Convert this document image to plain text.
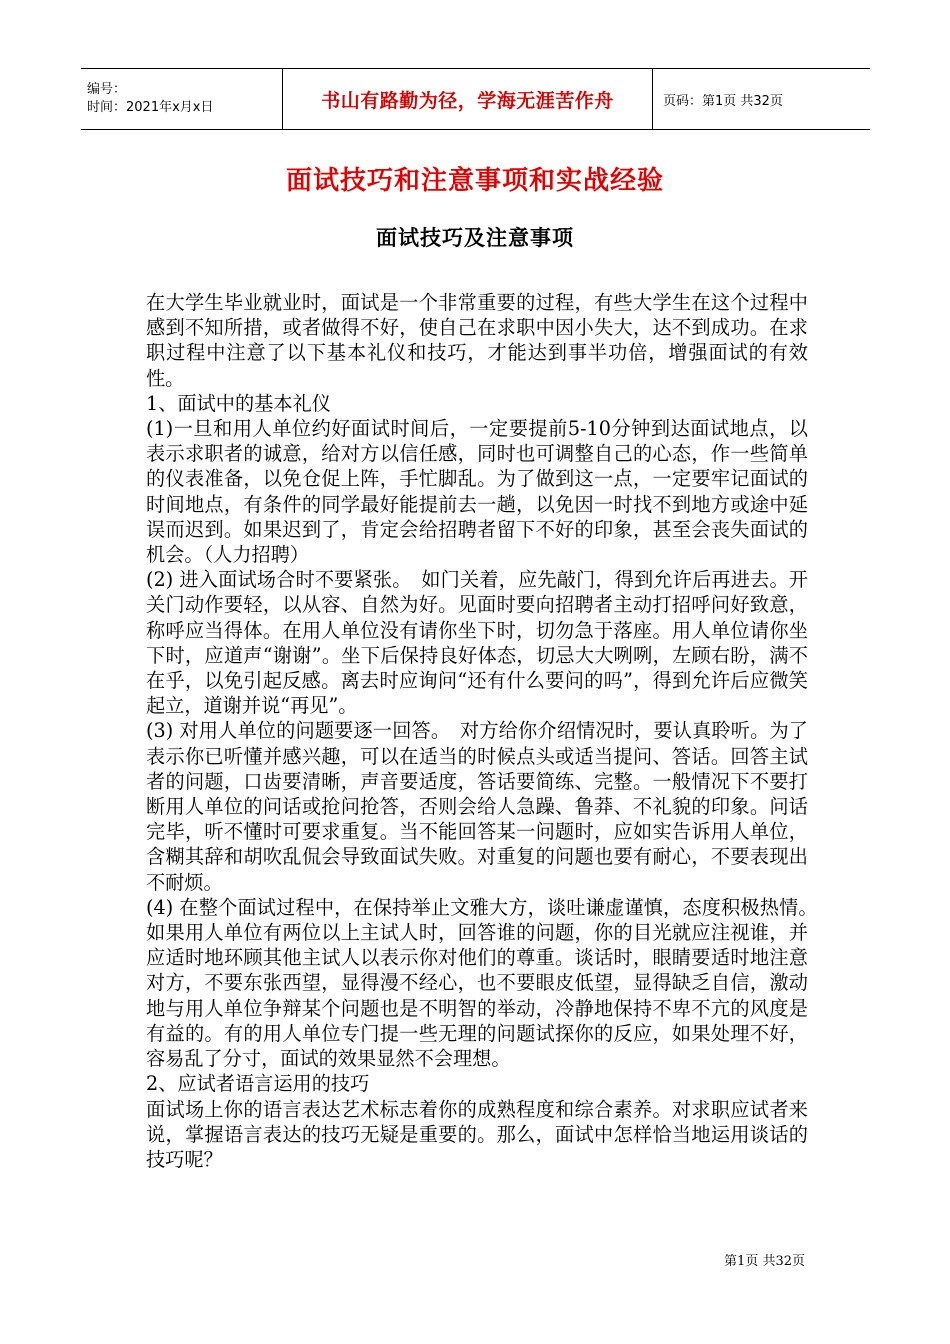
编号：
时间：2021年x月x日	书山有路勤为径，学海无涯苦作舟	页码：第1页 共32页
面试技巧和注意事项和实战经验
面试技巧及注意事项

在大学生毕业就业时，面试是一个非常重要的过程，有些大学生在这个过程中感到不知所措，或者做得不好，使自己在求职中因小失大，达不到成功。在求职过程中注意了以下基本礼仪和技巧，才能达到事半功倍，增强面试的有效性。

1、面试中的基本礼仪

(1)一旦和用人单位约好面试时间后，一定要提前5-10分钟到达面试地点，以表示求职者的诚意，给对方以信任感，同时也可调整自己的心态，作一些简单的仪表准备，以免仓促上阵，手忙脚乱。为了做到这一点，一定要牢记面试的时间地点，有条件的同学最好能提前去一趟，以免因一时找不到地方或途中延误而迟到。如果迟到了，肯定会给招聘者留下不好的印象，甚至会丧失面试的机会。（人力招聘）

(2) 进入面试场合时不要紧张。　如门关着，应先敲门，得到允许后再进去。开关门动作要轻，以从容、自然为好。见面时要向招聘者主动打招呼问好致意，称呼应当得体。在用人单位没有请你坐下时，切勿急于落座。用人单位请你坐下时，应道声“谢谢”。坐下后保持良好体态，切忌大大咧咧，左顾右盼，满不在乎，以免引起反感。离去时应询问“还有什么要问的吗”，得到允许后应微笑起立，道谢并说“再见”。

(3) 对用人单位的问题要逐一回答。　对方给你介绍情况时，要认真聆听。为了表示你已听懂并感兴趣，可以在适当的时候点头或适当提问、答话。回答主试者的问题，口齿要清晰，声音要适度，答话要简练、完整。一般情况下不要打断用人单位的问话或抢问抢答，否则会给人急躁、鲁莽、不礼貌的印象。问话完毕，听不懂时可要求重复。当不能回答某一问题时，应如实告诉用人单位，含糊其辞和胡吹乱侃会导致面试失败。对重复的问题也要有耐心，不要表现出不耐烦。

(4) 在整个面试过程中，在保持举止文雅大方，谈吐谦虚谨慎，态度积极热情。　如果用人单位有两位以上主试人时，回答谁的问题，你的目光就应注视谁，并应适时地环顾其他主试人以表示你对他们的尊重。谈话时，眼睛要适时地注意对方，不要东张西望，显得漫不经心，也不要眼皮低望，显得缺乏自信，激动地与用人单位争辩某个问题也是不明智的举动，冷静地保持不卑不亢的风度是有益的。有的用人单位专门提一些无理的问题试探你的反应，如果处理不好，容易乱了分寸，面试的效果显然不会理想。

2、应试者语言运用的技巧

面试场上你的语言表达艺术标志着你的成熟程度和综合素养。对求职应试者来说，掌握语言表达的技巧无疑是重要的。那么，面试中怎样恰当地运用谈话的技巧呢？

第1页 共32页
